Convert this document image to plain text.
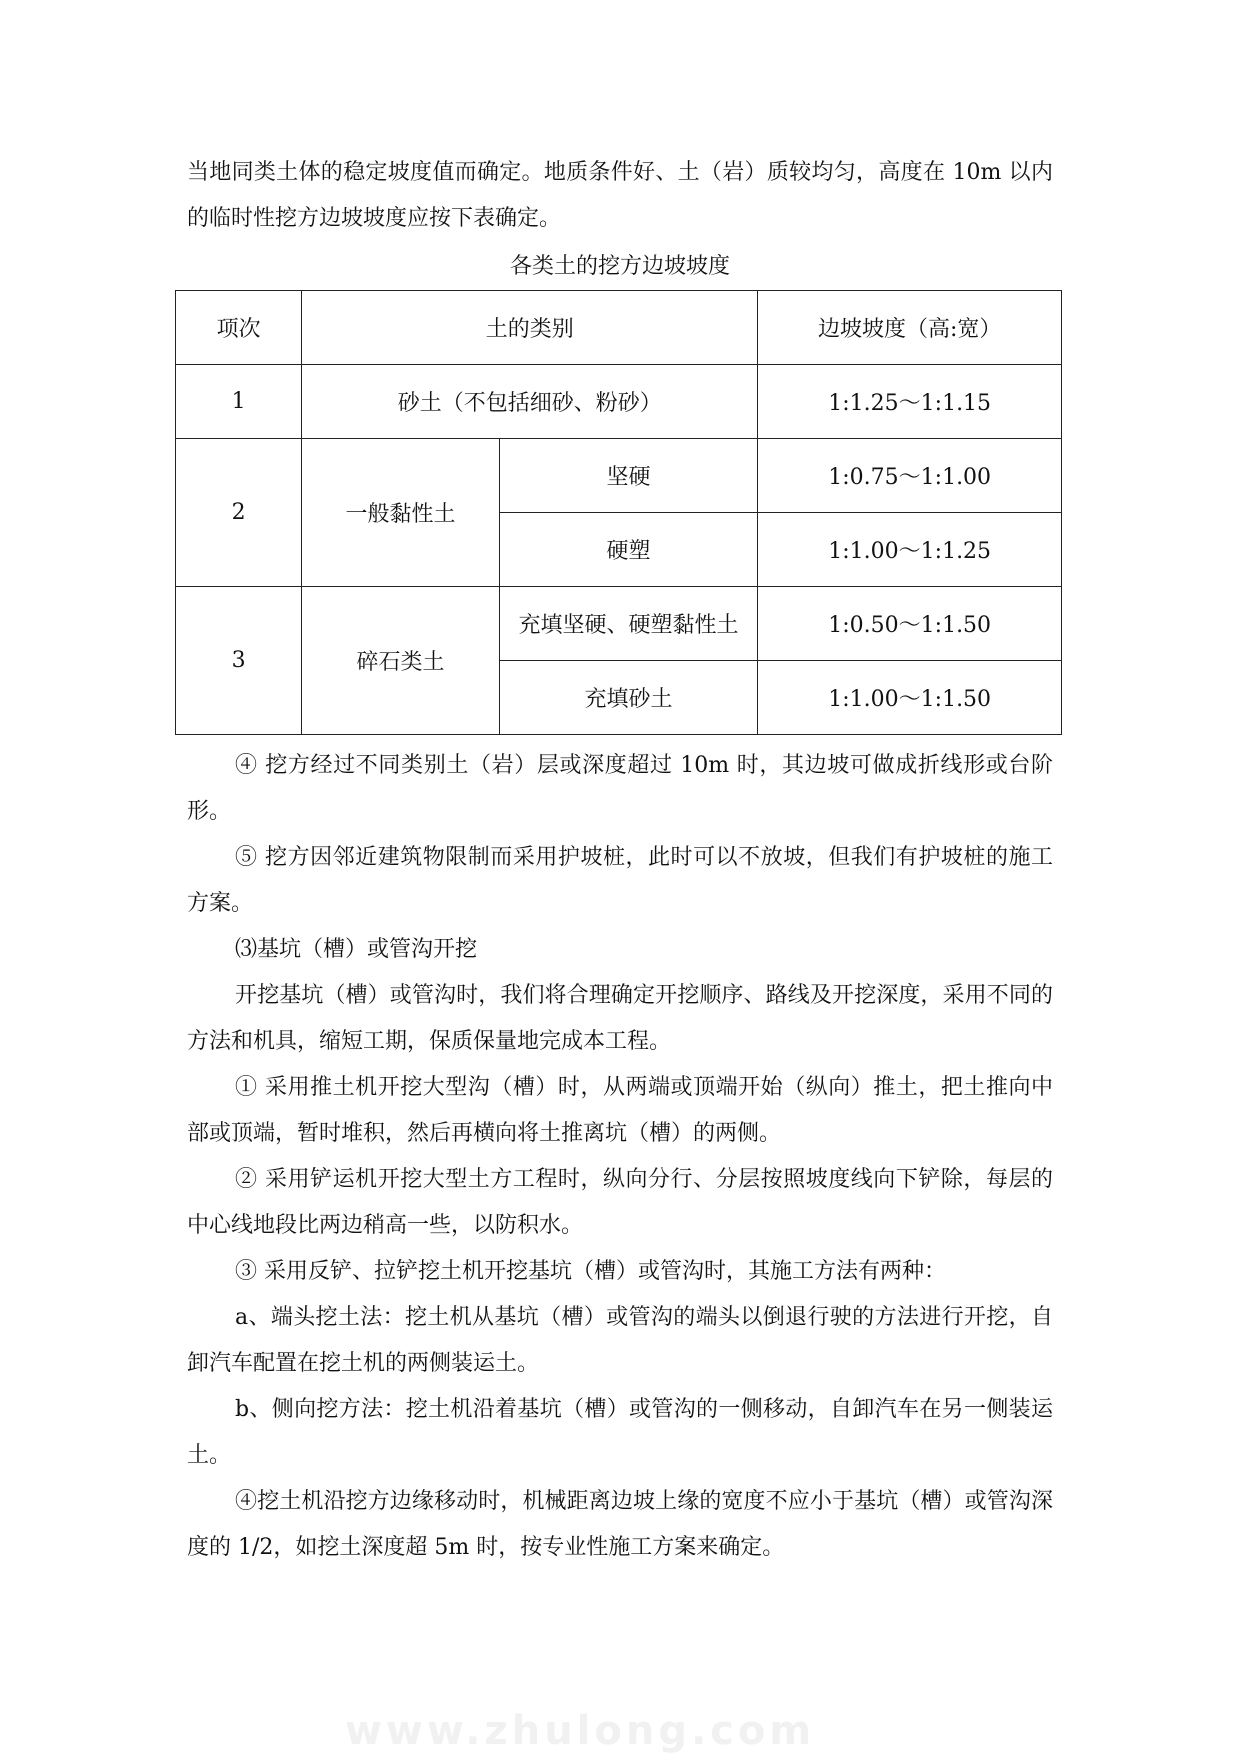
当地同类土体的稳定坡度值而确定。地质条件好、土（岩）质较均匀，高度在 10m 以内的临时性挖方边坡坡度应按下表确定。

各类土的挖方边坡坡度
项次	土的类别		边坡坡度（高:宽）
1	砂土（不包括细砂、粉砂）		1:1.25～1:1.15
2	一般黏性土	坚硬	1:0.75～1:1.00
		硬塑	1:1.00～1:1.25
3	碎石类土	充填坚硬、硬塑黏性土	1:0.50～1:1.50
		充填砂土	1:1.00～1:1.50

④ 挖方经过不同类别土（岩）层或深度超过 10m 时，其边坡可做成折线形或台阶形。

⑤ 挖方因邻近建筑物限制而采用护坡桩，此时可以不放坡，但我们有护坡桩的施工方案。

⑶基坑（槽）或管沟开挖

开挖基坑（槽）或管沟时，我们将合理确定开挖顺序、路线及开挖深度，采用不同的方法和机具，缩短工期，保质保量地完成本工程。

① 采用推土机开挖大型沟（槽）时，从两端或顶端开始（纵向）推土，把土推向中部或顶端，暂时堆积，然后再横向将土推离坑（槽）的两侧。

② 采用铲运机开挖大型土方工程时，纵向分行、分层按照坡度线向下铲除，每层的中心线地段比两边稍高一些，以防积水。

③ 采用反铲、拉铲挖土机开挖基坑（槽）或管沟时，其施工方法有两种：

a、端头挖土法：挖土机从基坑（槽）或管沟的端头以倒退行驶的方法进行开挖，自卸汽车配置在挖土机的两侧装运土。

b、侧向挖方法：挖土机沿着基坑（槽）或管沟的一侧移动，自卸汽车在另一侧装运土。

④挖土机沿挖方边缘移动时，机械距离边坡上缘的宽度不应小于基坑（槽）或管沟深度的 1/2，如挖土深度超 5m 时，按专业性施工方案来确定。

www.zhulong.com
